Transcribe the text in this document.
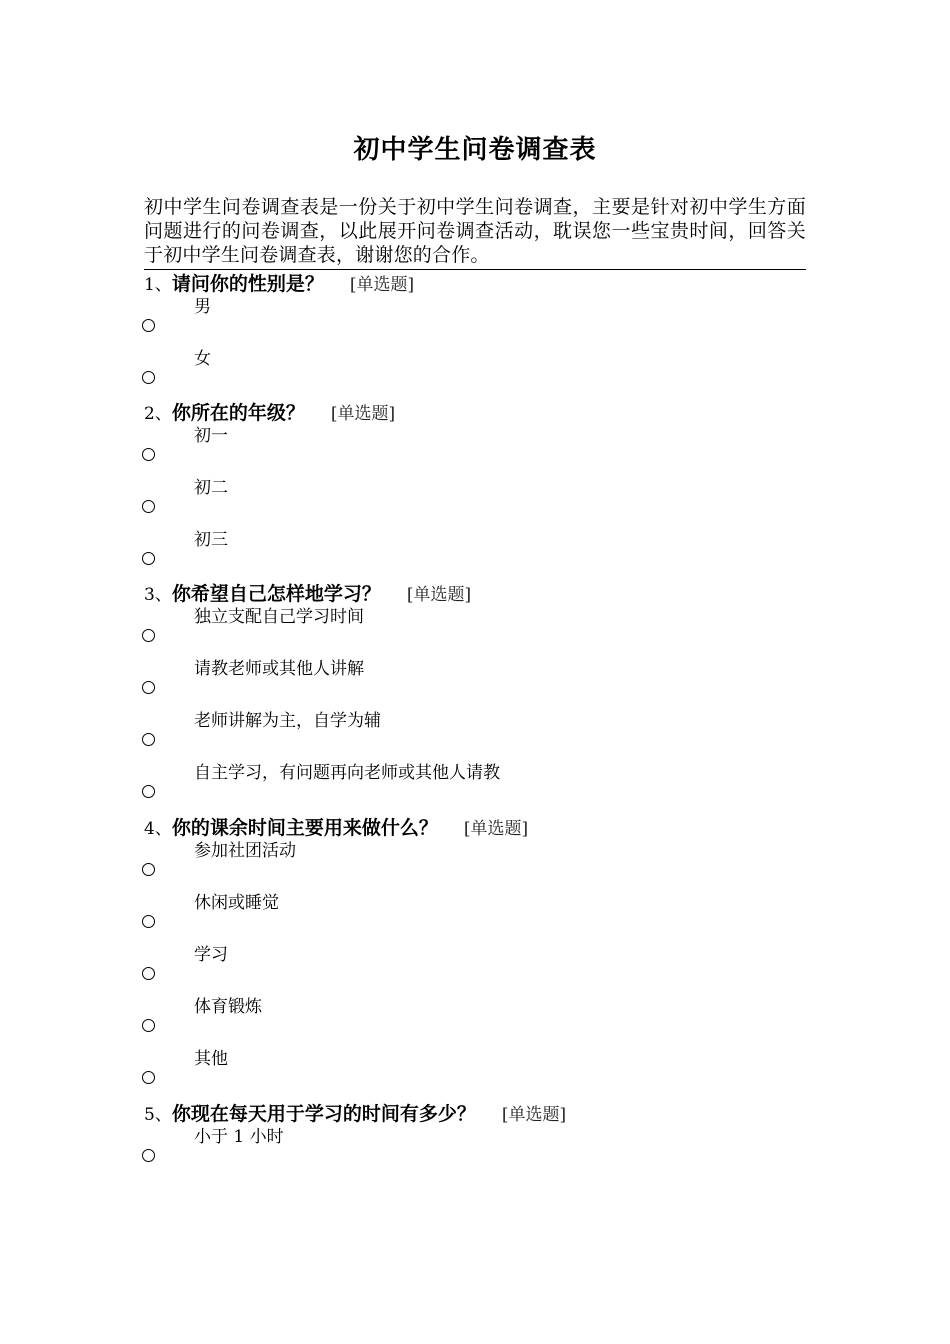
初中学生问卷调查表

初中学生问卷调查表是一份关于初中学生问卷调查，主要是针对初中学生方面问题进行的问卷调查，以此展开问卷调查活动，耽误您一些宝贵时间，回答关于初中学生问卷调查表，谢谢您的合作。

1、请问你的性别是？ [单选题]
男
女
2、你所在的年级？ [单选题]
初一
初二
初三
3、你希望自己怎样地学习？ [单选题]
独立支配自己学习时间
请教老师或其他人讲解
老师讲解为主，自学为辅
自主学习，有问题再向老师或其他人请教
4、你的课余时间主要用来做什么？ [单选题]
参加社团活动
休闲或睡觉
学习
体育锻炼
其他
5、你现在每天用于学习的时间有多少？ [单选题]
小于 1 小时
